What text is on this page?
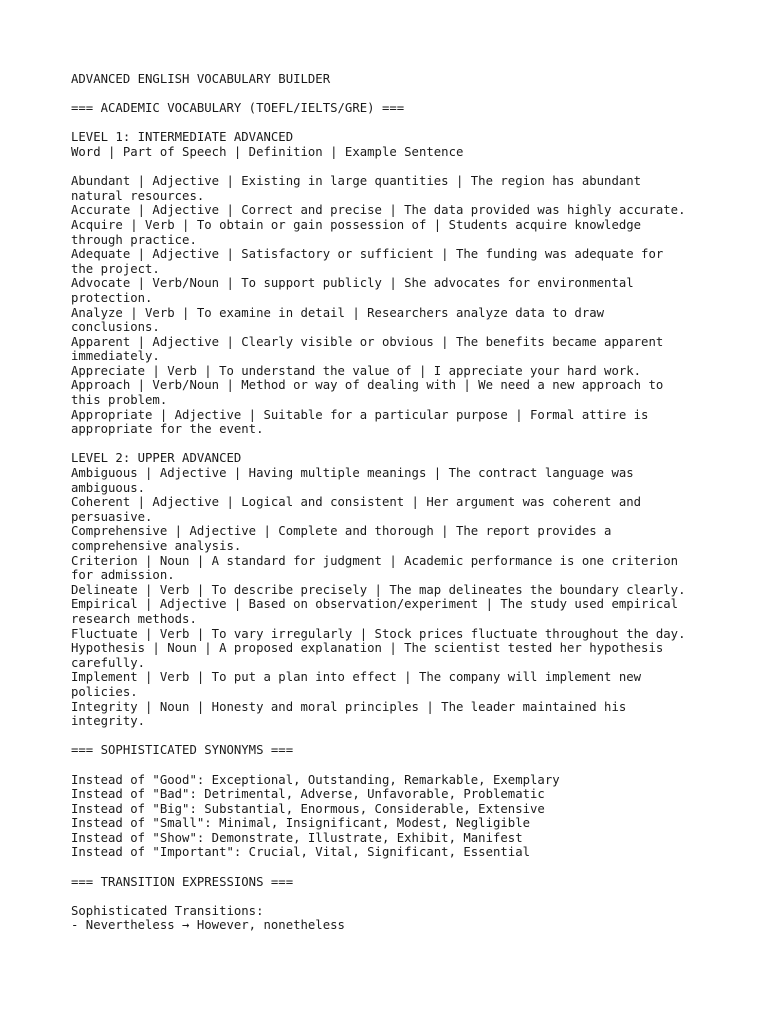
ADVANCED ENGLISH VOCABULARY BUILDER

=== ACADEMIC VOCABULARY (TOEFL/IELTS/GRE) ===

LEVEL 1: INTERMEDIATE ADVANCED

Word | Part of Speech | Definition | Example Sentence

Abundant | Adjective | Existing in large quantities | The region has abundant

natural resources.

Accurate | Adjective | Correct and precise | The data provided was highly accurate.

Acquire | Verb | To obtain or gain possession of | Students acquire knowledge

through practice.

Adequate | Adjective | Satisfactory or sufficient | The funding was adequate for

the project.

Advocate | Verb/Noun | To support publicly | She advocates for environmental

protection.

Analyze | Verb | To examine in detail | Researchers analyze data to draw

conclusions.

Apparent | Adjective | Clearly visible or obvious | The benefits became apparent

immediately.

Appreciate | Verb | To understand the value of | I appreciate your hard work.

Approach | Verb/Noun | Method or way of dealing with | We need a new approach to

this problem.

Appropriate | Adjective | Suitable for a particular purpose | Formal attire is

appropriate for the event.

LEVEL 2: UPPER ADVANCED

Ambiguous | Adjective | Having multiple meanings | The contract language was

ambiguous.

Coherent | Adjective | Logical and consistent | Her argument was coherent and

persuasive.

Comprehensive | Adjective | Complete and thorough | The report provides a

comprehensive analysis.

Criterion | Noun | A standard for judgment | Academic performance is one criterion

for admission.

Delineate | Verb | To describe precisely | The map delineates the boundary clearly.

Empirical | Adjective | Based on observation/experiment | The study used empirical

research methods.

Fluctuate | Verb | To vary irregularly | Stock prices fluctuate throughout the day.

Hypothesis | Noun | A proposed explanation | The scientist tested her hypothesis

carefully.

Implement | Verb | To put a plan into effect | The company will implement new

policies.

Integrity | Noun | Honesty and moral principles | The leader maintained his

integrity.

=== SOPHISTICATED SYNONYMS ===

Instead of "Good": Exceptional, Outstanding, Remarkable, Exemplary

Instead of "Bad": Detrimental, Adverse, Unfavorable, Problematic

Instead of "Big": Substantial, Enormous, Considerable, Extensive

Instead of "Small": Minimal, Insignificant, Modest, Negligible

Instead of "Show": Demonstrate, Illustrate, Exhibit, Manifest

Instead of "Important": Crucial, Vital, Significant, Essential

=== TRANSITION EXPRESSIONS ===

Sophisticated Transitions:

- Nevertheless → However, nonetheless
